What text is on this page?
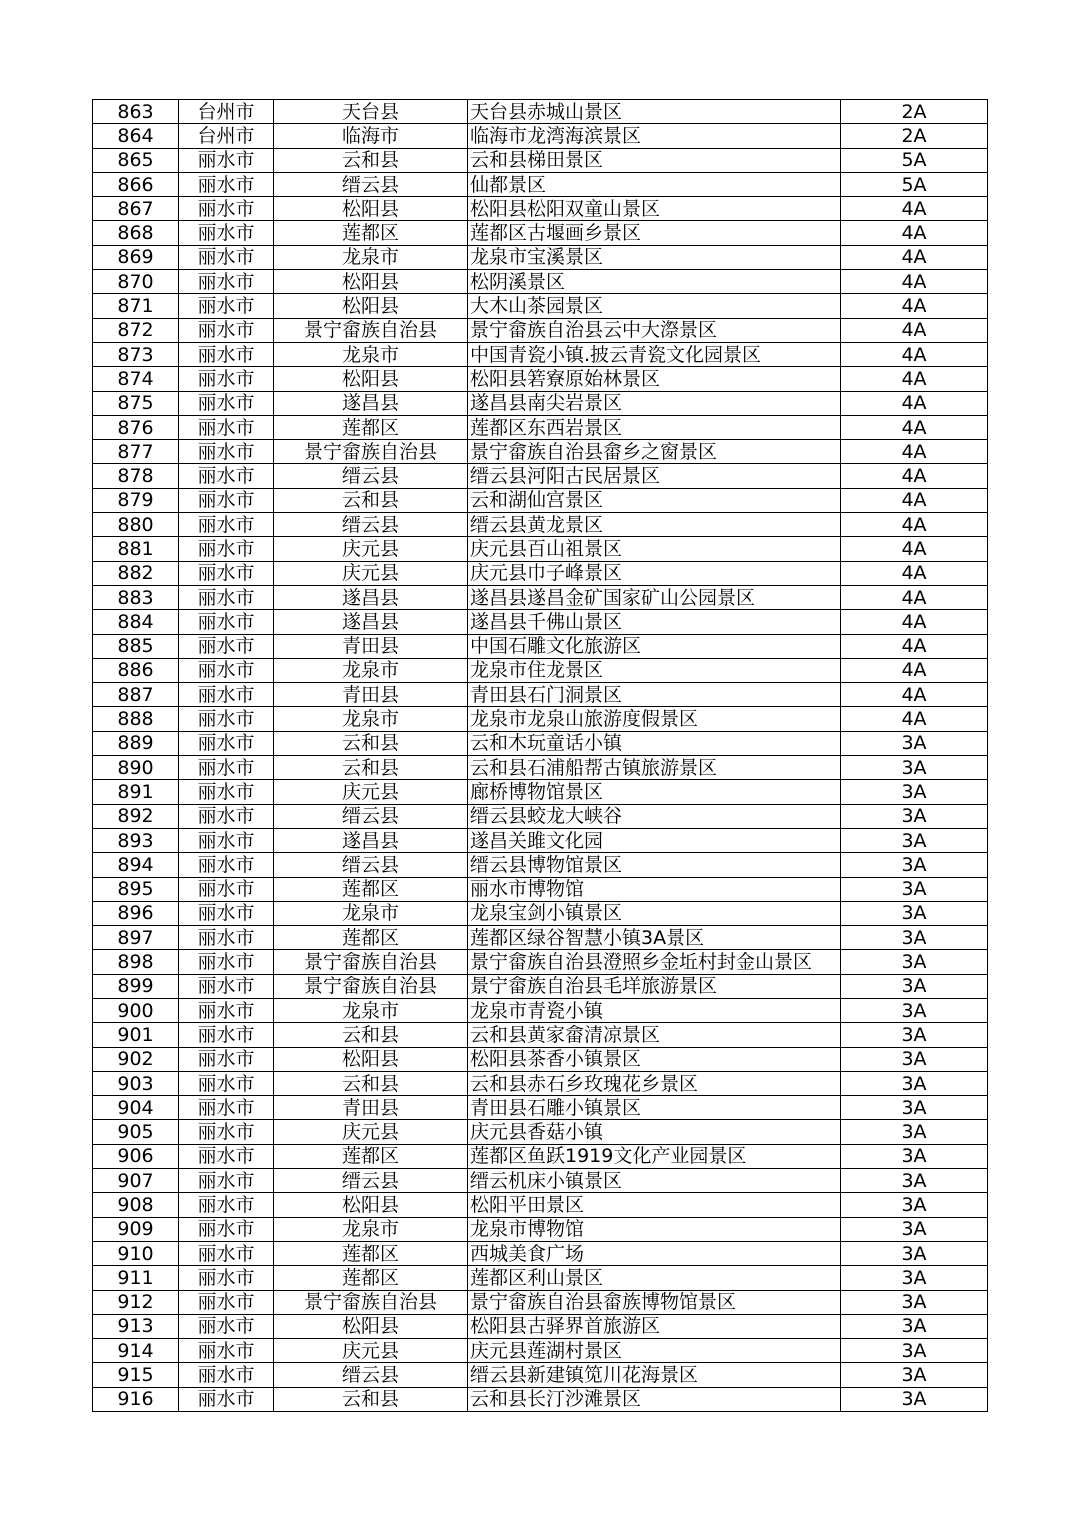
863	台州市	天台县	天台县赤城山景区	2A
864	台州市	临海市	临海市龙湾海滨景区	2A
865	丽水市	云和县	云和县梯田景区	5A
866	丽水市	缙云县	仙都景区	5A
867	丽水市	松阳县	松阳县松阳双童山景区	4A
868	丽水市	莲都区	莲都区古堰画乡景区	4A
869	丽水市	龙泉市	龙泉市宝溪景区	4A
870	丽水市	松阳县	松阴溪景区	4A
871	丽水市	松阳县	大木山茶园景区	4A
872	丽水市	景宁畲族自治县	景宁畲族自治县云中大漈景区	4A
873	丽水市	龙泉市	中国青瓷小镇.披云青瓷文化园景区	4A
874	丽水市	松阳县	松阳县箬寮原始林景区	4A
875	丽水市	遂昌县	遂昌县南尖岩景区	4A
876	丽水市	莲都区	莲都区东西岩景区	4A
877	丽水市	景宁畲族自治县	景宁畲族自治县畲乡之窗景区	4A
878	丽水市	缙云县	缙云县河阳古民居景区	4A
879	丽水市	云和县	云和湖仙宫景区	4A
880	丽水市	缙云县	缙云县黄龙景区	4A
881	丽水市	庆元县	庆元县百山祖景区	4A
882	丽水市	庆元县	庆元县巾子峰景区	4A
883	丽水市	遂昌县	遂昌县遂昌金矿国家矿山公园景区	4A
884	丽水市	遂昌县	遂昌县千佛山景区	4A
885	丽水市	青田县	中国石雕文化旅游区	4A
886	丽水市	龙泉市	龙泉市住龙景区	4A
887	丽水市	青田县	青田县石门洞景区	4A
888	丽水市	龙泉市	龙泉市龙泉山旅游度假景区	4A
889	丽水市	云和县	云和木玩童话小镇	3A
890	丽水市	云和县	云和县石浦船帮古镇旅游景区	3A
891	丽水市	庆元县	廊桥博物馆景区	3A
892	丽水市	缙云县	缙云县蛟龙大峡谷	3A
893	丽水市	遂昌县	遂昌关雎文化园	3A
894	丽水市	缙云县	缙云县博物馆景区	3A
895	丽水市	莲都区	丽水市博物馆	3A
896	丽水市	龙泉市	龙泉宝剑小镇景区	3A
897	丽水市	莲都区	莲都区绿谷智慧小镇3A景区	3A
898	丽水市	景宁畲族自治县	景宁畲族自治县澄照乡金坵村封金山景区	3A
899	丽水市	景宁畲族自治县	景宁畲族自治县毛垟旅游景区	3A
900	丽水市	龙泉市	龙泉市青瓷小镇	3A
901	丽水市	云和县	云和县黄家畲清凉景区	3A
902	丽水市	松阳县	松阳县茶香小镇景区	3A
903	丽水市	云和县	云和县赤石乡玫瑰花乡景区	3A
904	丽水市	青田县	青田县石雕小镇景区	3A
905	丽水市	庆元县	庆元县香菇小镇	3A
906	丽水市	莲都区	莲都区鱼跃1919文化产业园景区	3A
907	丽水市	缙云县	缙云机床小镇景区	3A
908	丽水市	松阳县	松阳平田景区	3A
909	丽水市	龙泉市	龙泉市博物馆	3A
910	丽水市	莲都区	西城美食广场	3A
911	丽水市	莲都区	莲都区利山景区	3A
912	丽水市	景宁畲族自治县	景宁畲族自治县畲族博物馆景区	3A
913	丽水市	松阳县	松阳县古驿界首旅游区	3A
914	丽水市	庆元县	庆元县莲湖村景区	3A
915	丽水市	缙云县	缙云县新建镇笕川花海景区	3A
916	丽水市	云和县	云和县长汀沙滩景区	3A
